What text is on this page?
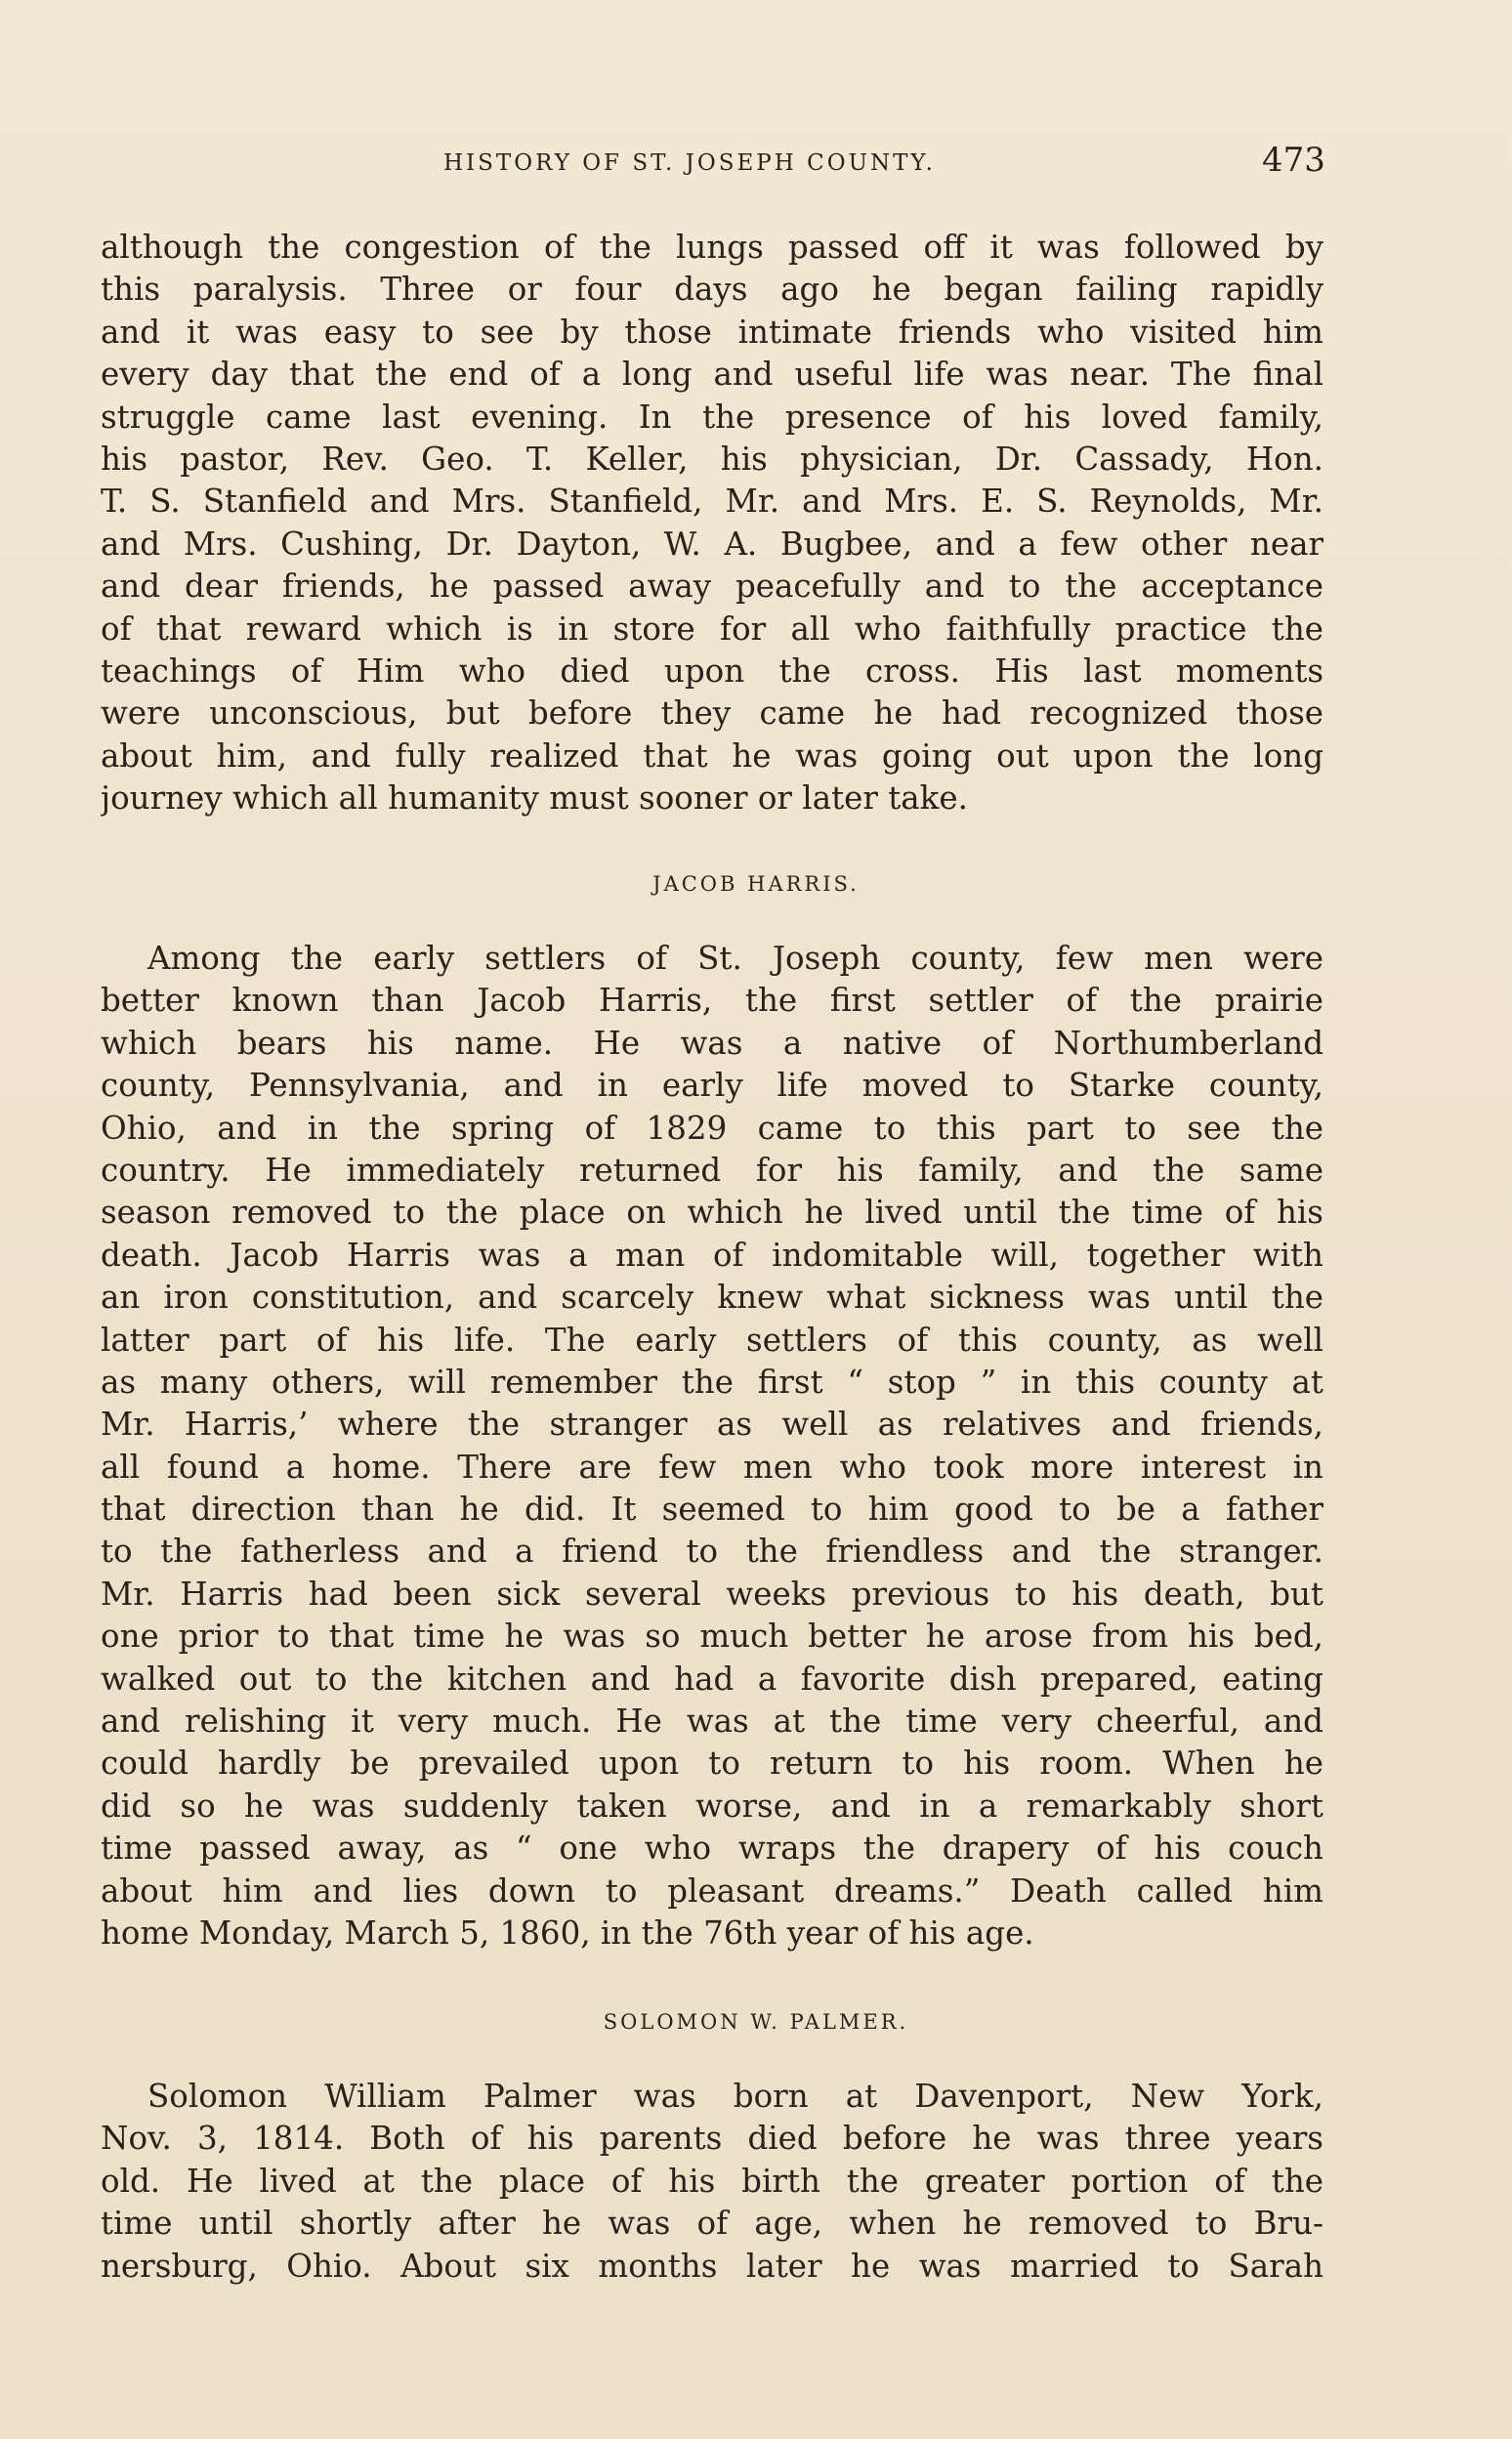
HISTORY OF ST. JOSEPH COUNTY.	473
although the congestion of the lungs passed off it was followed by
this paralysis. Three or four days ago he began failing rapidly
and it was easy to see by those intimate friends who visited him
every day that the end of a long and useful life was near. The final
struggle came last evening. In the presence of his loved family,
his pastor, Rev. Geo. T. Keller, his physician, Dr. Cassady, Hon.
T. S. Stanfield and Mrs. Stanfield, Mr. and Mrs. E. S. Reynolds, Mr.
and Mrs. Cushing, Dr. Dayton, W. A. Bugbee, and a few other near
and dear friends, he passed away peacefully and to the acceptance
of that reward which is in store for all who faithfully practice the
teachings of Him who died upon the cross. His last moments
were unconscious, but before they came he had recognized those
about him, and fully realized that he was going out upon the long
journey which all humanity must sooner or later take.
JACOB HARRIS.
Among the early settlers of St. Joseph county, few men were
better known than Jacob Harris, the first settler of the prairie
which bears his name. He was a native of Northumberland
county, Pennsylvania, and in early life moved to Starke county,
Ohio, and in the spring of 1829 came to this part to see the
country. He immediately returned for his family, and the same
season removed to the place on which he lived until the time of his
death. Jacob Harris was a man of indomitable will, together with
an iron constitution, and scarcely knew what sickness was until the
latter part of his life. The early settlers of this county, as well
as many others, will remember the first “ stop ” in this county at
Mr. Harris,’ where the stranger as well as relatives and friends,
all found a home. There are few men who took more interest in
that direction than he did. It seemed to him good to be a father
to the fatherless and a friend to the friendless and the stranger.
Mr. Harris had been sick several weeks previous to his death, but
one prior to that time he was so much better he arose from his bed,
walked out to the kitchen and had a favorite dish prepared, eating
and relishing it very much. He was at the time very cheerful, and
could hardly be prevailed upon to return to his room. When he
did so he was suddenly taken worse, and in a remarkably short
time passed away, as “ one who wraps the drapery of his couch
about him and lies down to pleasant dreams.” Death called him
home Monday, March 5, 1860, in the 76th year of his age.
SOLOMON W. PALMER.
Solomon William Palmer was born at Davenport, New York,
Nov. 3, 1814. Both of his parents died before he was three years
old. He lived at the place of his birth the greater portion of the
time until shortly after he was of age, when he removed to Bru-
nersburg, Ohio. About six months later he was married to Sarah
